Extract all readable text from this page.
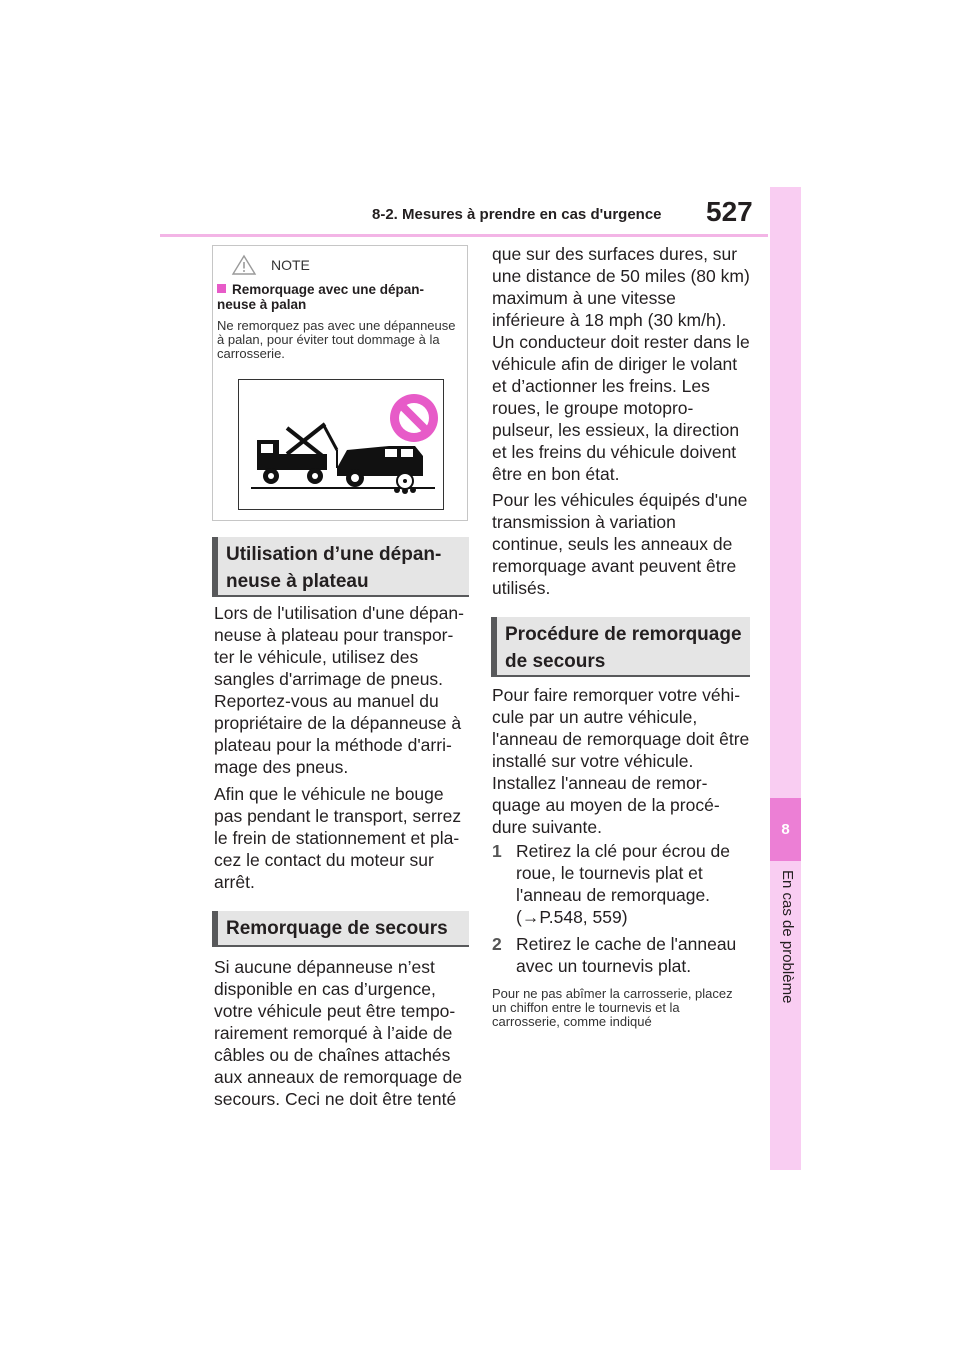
8-2. Mesures à prendre en cas d'urgence	527
8
En cas de problème
NOTE
Remorquage avec une dépan-neuse à palan
Ne remorquez pas avec une dépanneuse à palan, pour éviter tout dommage à la carrosserie.
Utilisation d’une dépan-neuse à plateau
Lors de l'utilisation d'une dépan-neuse à plateau pour transpor-ter le véhicule, utilisez des sangles d'arrimage de pneus. Reportez-vous au manuel du propriétaire de la dépanneuse à plateau pour la méthode d'arri-mage des pneus.
Afin que le véhicule ne bouge pas pendant le transport, serrez le frein de stationnement et pla-cez le contact du moteur sur arrêt.
Remorquage de secours
Si aucune dépanneuse n’est disponible en cas d’urgence, votre véhicule peut être tempo-rairement remorqué à l’aide de câbles ou de chaînes attachés aux anneaux de remorquage de secours. Ceci ne doit être tenté
que sur des surfaces dures, sur une distance de 50 miles (80 km) maximum à une vitesse inférieure à 18 mph (30 km/h). Un conducteur doit rester dans le véhicule afin de diriger le volant et d’actionner les freins. Les roues, le groupe motopro-pulseur, les essieux, la direction et les freins du véhicule doivent être en bon état.
Pour les véhicules équipés d'une transmission à variation continue, seuls les anneaux de remorquage avant peuvent être utilisés.
Procédure de remorquage de secours
Pour faire remorquer votre véhi-cule par un autre véhicule, l'anneau de remorquage doit être installé sur votre véhicule. Installez l'anneau de remor-quage au moyen de la procé-dure suivante.
1 Retirez la clé pour écrou de roue, le tournevis plat et l'anneau de remorquage. (→P.548, 559)
2 Retirez le cache de l'anneau avec un tournevis plat.
Pour ne pas abîmer la carrosserie, placez un chiffon entre le tournevis et la carrosserie, comme indiqué
